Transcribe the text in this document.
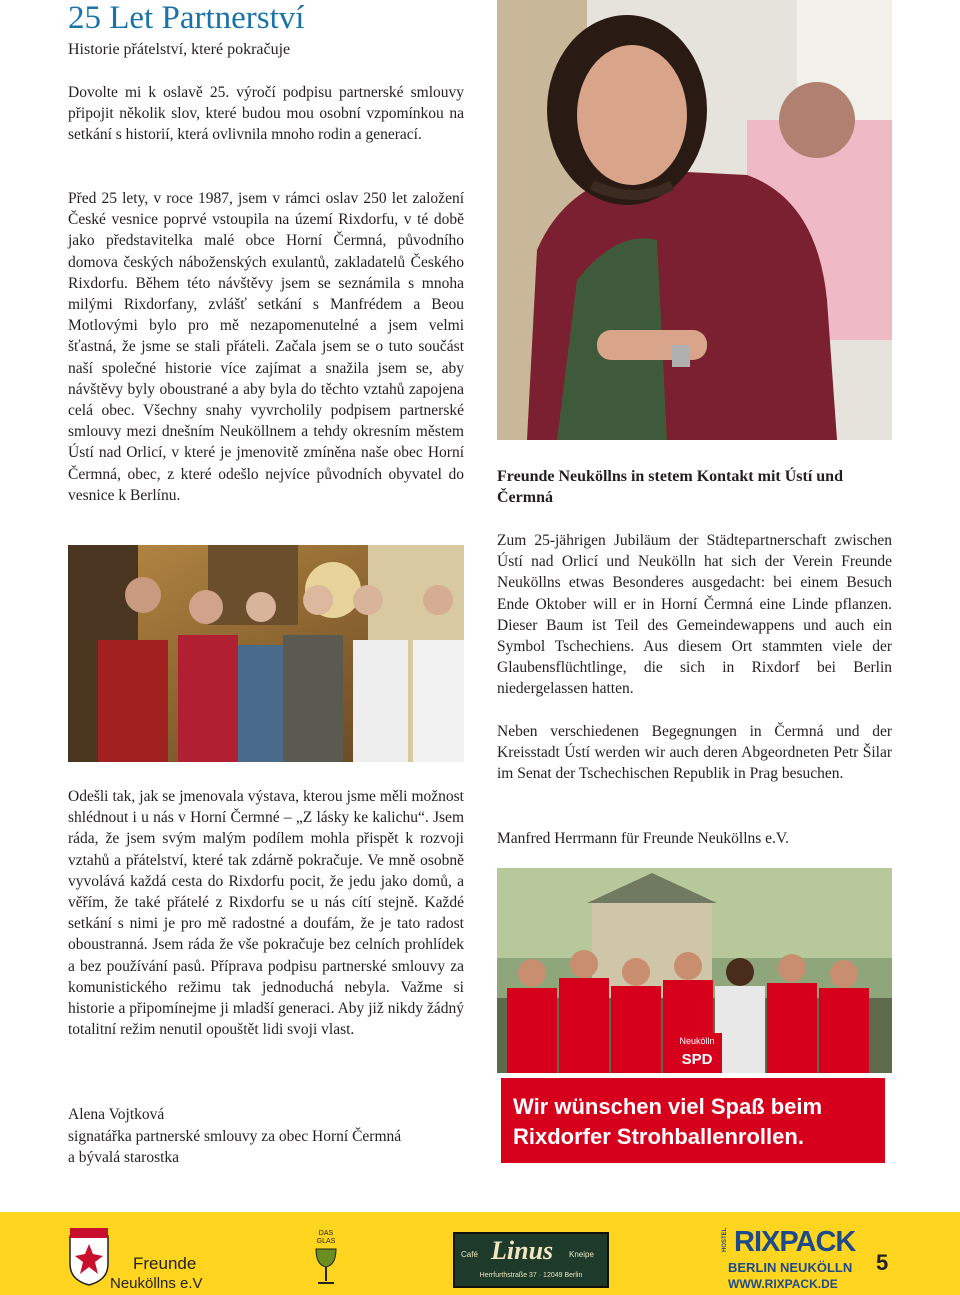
25 Let Partnerství
Historie přátelství, které pokračuje
Dovolte mi k oslavě 25. výročí podpisu partnerské smlouvy připojit několik slov, které budou mou osobní vzpomínkou na setkání s historií, která ovlivnila mnoho rodin a generací.
Před 25 lety, v roce 1987, jsem v rámci oslav 250 let založení České vesnice poprvé vstoupila na území Rixdorfu, v té době jako představitelka malé obce Horní Čermná, původního domova českých náboženských exulantů, zakladatelů Českého Rixdorfu. Během této návštěvy jsem se seznámila s mnoha milými Rixdorfany, zvlášť setkání s Manfrédem a Beou Motlovými bylo pro mě nezapomenutelné a jsem velmi šťastná, že jsme se stali přáteli. Začala jsem se o tuto součást naší společné historie více zajímat a snažila jsem se, aby návštěvy byly oboustrané a aby byla do těchto vztahů zapojena celá obec. Všechny snahy vyvrcholily podpisem partnerské smlouvy mezi dnešním Neuköllnem a tehdy okresním městem Ústí nad Orlicí, v které je jmenovitě zmíněna naše obec Horní Čermná, obec, z které odešlo nejvíce původních obyvatel do vesnice k Berlínu.
Odešli tak, jak se jmenovala výstava, kterou jsme měli možnost shlédnout i u nás v Horní Čermné – „Z lásky ke kalichu“. Jsem ráda, že jsem svým malým podílem mohla přispět k rozvoji vztahů a přátelství, které tak zdárně pokračuje. Ve mně osobně vyvolává každá cesta do Rixdorfu pocit, že jedu jako domů, a věřím, že také přátelé z Rixdorfu se u nás cítí stejně. Každé setkání s nimi je pro mě radostné a doufám, že je tato radost oboustranná. Jsem ráda že vše pokračuje bez celních prohlídek a bez používání pasů. Příprava podpisu partnerské smlouvy za komunistického režimu tak jednoduchá nebyla. Važme si historie a připomínejme ji mladší generaci. Aby již nikdy žádný totalitní režim nenutil opouštět lidi svoji vlast.
Alena Vojtková
signatářka partnerské smlouvy za obec Horní Čermná
a bývalá starostka
Freunde Neuköllns in stetem Kontakt mit Ústí und Čermná
Zum 25-jährigen Jubiläum der Städtepartnerschaft zwischen Ústí nad Orlicí und Neukölln hat sich der Verein Freunde Neuköllns etwas Besonderes ausgedacht: bei einem Besuch Ende Oktober will er in Horní Čermná eine Linde pflanzen. Dieser Baum ist Teil des Gemeindewappens und auch ein Symbol Tschechiens. Aus diesem Ort stammten viele der Glaubensflüchtlinge, die sich in Rixdorf bei Berlin niedergelassen hatten.
Neben verschiedenen Begegnungen in Čermná und der Kreisstadt Ústí werden wir auch deren Abgeordneten Petr Šilar im Senat der Tschechischen Republik in Prag besuchen.
Manfred Herrmann für Freunde Neuköllns e.V.
Neukölln
SPD
Wir wünschen viel Spaß beim
Rixdorfer Strohballenrollen.
Freunde
Neuköllns e.V
DAS
GLAS
Café Linus Kneipe
Herrfurthstraße 37 · 12049 Berlin
HOSTEL RIXPACK
BERLIN NEUKÖLLN
WWW.RIXPACK.DE
5
